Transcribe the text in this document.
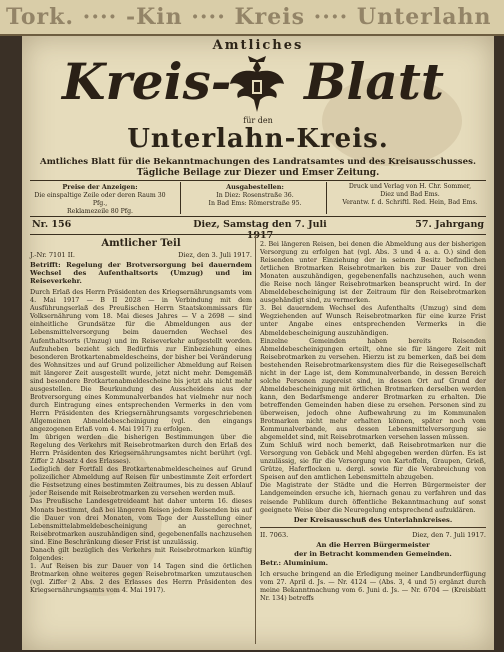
Tork. ···· -Kin ···· Kreis ···· Unterlahn
Amtliches
Kreis- Blatt
für den
Unterlahn-Kreis.
Amtliches Blatt für die Bekanntmachungen des Landratsamtes und des Kreisausschusses.
Tägliche Beilage zur Diezer und Emser Zeitung.
Preise der Anzeigen:
Die einspaltige Zeile oder deren Raum 30 Pfg.,
Reklamezeile 80 Pfg.
Ausgabestellen:
In Diez: Rosenstraße 36.
In Bad Ems: Römerstraße 95.
Druck und Verlag von H. Chr. Sommer,
Diez und Bad Ems.
Verantw. f. d. Schriftl. Red. Hein, Bad Ems.
Nr. 156	Diez, Samstag den 7. Juli 1917
57. Jahrgang
Amtlicher Teil
J.-Nr. 7101 II.	Diez, den 3. Juli 1917.
Betrifft: Regelung der Brotversorgung bei dauerndem Wechsel des Aufenthaltsorts (Umzug) und im Reiseverkehr.

Durch Erlaß des Herrn Präsidenten des Kriegsernährungsamts vom 4. Mai 1917 — B II 2028 — in Verbindung mit dem Ausführungserlaß des Preußischen Herrn Staatskommissars für Volksernährung vom 18. Mai dieses Jahres — V a 2698 — sind einheitliche Grundsätze für die Abmeldungen aus der Lebensmittelversorgung beim dauernden Wechsel des Aufenthaltsorts (Umzug) und im Reiseverkehr aufgestellt worden. Aufzuheben bezieht sich Bedürfnis zur Einbeziehung eines besonderen Brotkartenabmeldescheins, der bisher bei Veränderung des Wohnsitzes und auf Grund polizeilicher Abmeldung auf Reisen mit längerer Zeit ausgestellt wurde, jetzt nicht mehr. Demgemäß sind besondere Brotkartenabmeldescheine bis jetzt als nicht mehr ausgestellen. Die Beurkundung des Ausscheidens aus der Brotversorgung eines Kommunalverbandes hat vielmehr nur noch durch Eintragung eines entsprechenden Vermerks in den vom Herrn Präsidenten des Kriegsernährungsamts vorgeschriebenen Allgemeinen Abmeldebescheinigung (vgl. den eingangs angezogenen Erlaß vom 4. Mai 1917) zu erfolgen.

Im übrigen werden die bisherigen Bestimmungen über die Regelung des Verkehrs mit Reisebrotmarken durch den Erlaß des Herrn Präsidenten des Kriegsernährungsamtes nicht berührt (vgl. Ziffer 2 Absatz 4 des Erlasses).

Lediglich der Fortfall des Brotkartenabmeldescheines auf Grund polizeilicher Abmeldung auf Reisen für unbestimmte Zeit erfordert die Festsetzung eines bestimmten Zeitraumes, bis zu dessen Ablauf jeder Reisende mit Reisebrotmarken zu versehen werden muß.

Das Preußische Landesgetreideamt hat daher unterm 16. dieses Monats bestimmt, daß bei längeren Reisen jedem Reisenden bis auf die Dauer von drei Monaten, vom Tage der Ausstellung einer Lebensmittelabmeldebescheinigung an gerechnet, Reisebrotmarken auszuhändigen sind, gegebenenfalls nachzusehen sind. Eine Beschränkung dieser Frist ist unzulässig.

Danach gilt bezüglich des Verkehrs mit Reisebrotmarken künftig folgendes:

1. Auf Reisen bis zur Dauer von 14 Tagen sind die örtlichen Brotmarken ohne weiteres gegen Reisebrotmarken umzutauschen (vgl. Ziffer 2 Abs. 2 des Erlasses des Herrn Präsidenten des Kriegsernährungsamts vom 4. Mai 1917).

2. Bei längeren Reisen, bei denen die Abmeldung aus der bisherigen Versorgung zu erfolgen hat (vgl. Abs. 3 und 4 a. a. O.) sind den Reisenden unter Einziehung der in seinem Besitz befindlichen örtlichen Brotmarken Reisebrotmarken bis zur Dauer von drei Monaten auszuhändigen, gegebenenfalls nachzusehen, auch wenn die Reise noch länger Reisebrotmarken beansprucht wird. In der Abmeldebescheinigung ist der Zeitraum für den Reisebrotmarken ausgehändigt sind, zu vermerken.

3. Bei dauerndem Wechsel des Aufenthalts (Umzug) sind dem Wegziehenden auf Wunsch Reisebrotmarken für eine kurze Frist unter Angabe eines entsprechenden Vermerks in die Abmeldebescheinigung auszuhändigen.

Einzelne Gemeinden haben bereits Reisenden Abmeldebescheinigungen erteilt, ohne sie für längere Zeit mit Reisebrotmarken zu versehen. Hierzu ist zu bemerken, daß bei dem bestehenden Reisebrotmarkensystem dies für die Reisegesellschaft nicht in der Lage ist, dem Kommunalverbande, in dessen Bereich solche Personen zugereist sind, in dessen Ort auf Grund der Abmeldebescheinigung mit örtlichen Brotmarken derselben werden kann, den Bedarfsmenge anderer Brotmarken zu erhalten. Die betreffenden Gemeinden haben diese zu ersehen. Personen sind zu überweisen, jedoch ohne Aufbewahrung zu im Kommunalen Brotmarken nicht mehr erhalten können, später noch vom Kommunalverbande, aus dessen Lebensmittelversorgung sie abgemeldet sind, mit Reisebrotmarken versehen lassen müssen.

Zum Schluß wird noch bemerkt, daß Reisebrotmarken nur die Versorgung von Gebäck und Mehl abgegeben werden dürfen. Es ist unzulässig, sie für die Versorgung von Kartoffeln, Graupen, Grieß, Grütze, Haferflocken u. dergl. sowie für die Verabreichung von Speisen auf den amtlichen Lebensmitteln abzugeben.

Die Magistrate der Städte und die Herren Bürgermeister der Landgemeinden ersuche ich, hiernach genau zu verfahren und das reisende Publikum durch öffentliche Bekanntmachung auf sonst geeignete Weise über die Neuregelung entsprechend aufzuklären.

Der Kreisausschuß des Unterlahnkreises.
II. 7063.	Diez, den 7. Juli 1917.
An die Herren Bürgermeister
der in Betracht kommenden Gemeinden.
Betr.: Aluminium.

Ich ersuche bringend an die Erledigung meiner Landbrunderfügung vom 27. April d. Js. — Nr. 4124 — (Abs. 3, 4 und 5) ergänzt durch meine Bekanntmachung vom 6. Juni d. Js. — Nr. 6704 — (Kreisblatt Nr. 134) betreffs
